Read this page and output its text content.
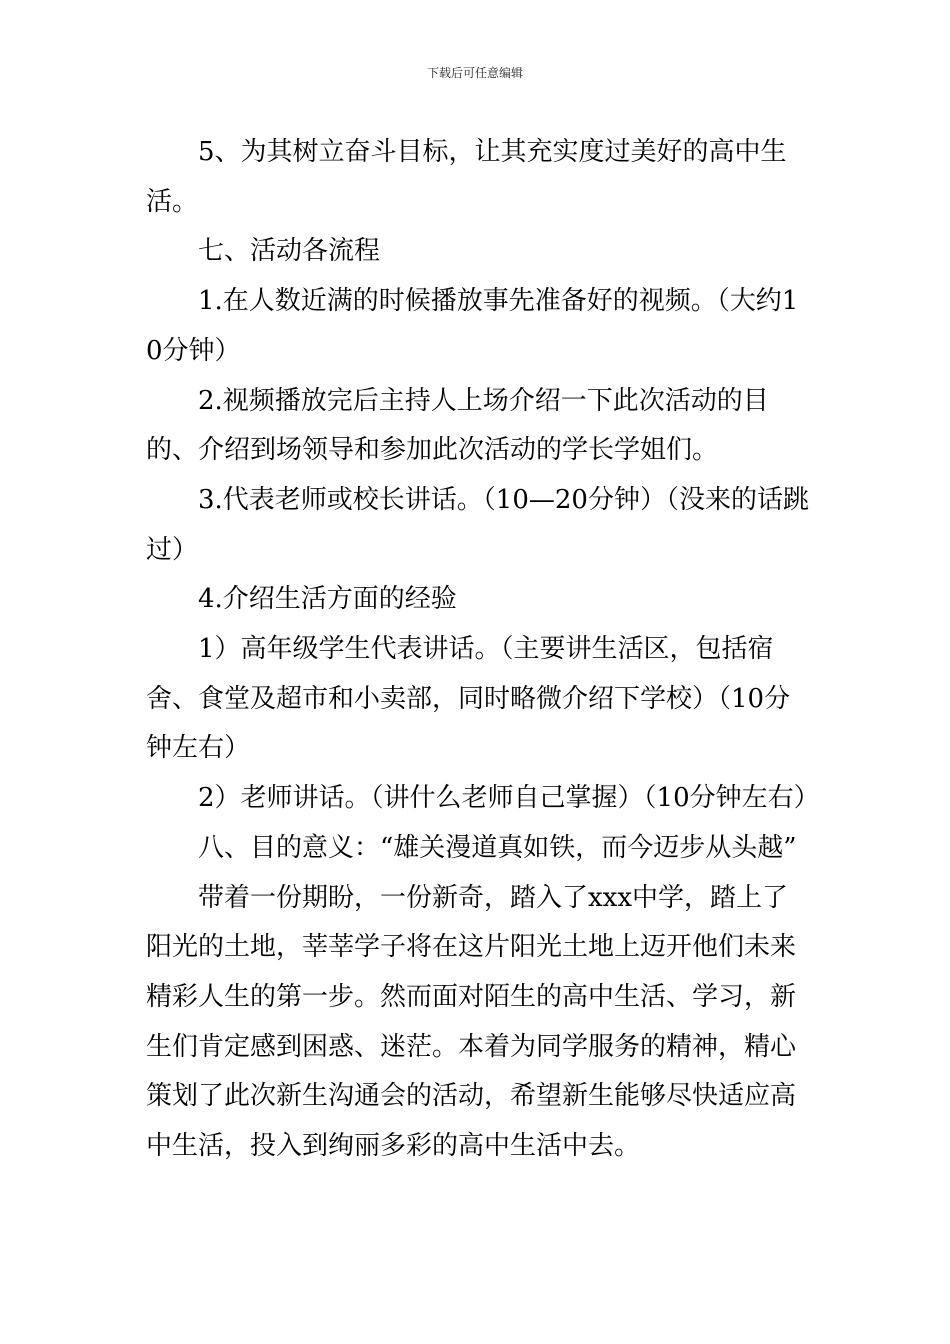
下载后可任意编辑

5、为其树立奋斗目标，让其充实度过美好的高中生活。

七、活动各流程

1.在人数近满的时候播放事先准备好的视频。（大约10分钟）

2.视频播放完后主持人上场介绍一下此次活动的目的、介绍到场领导和参加此次活动的学长学姐们。

3.代表老师或校长讲话。（10—20分钟）（没来的话跳过）

4.介绍生活方面的经验

1）高年级学生代表讲话。（主要讲生活区，包括宿舍、食堂及超市和小卖部，同时略微介绍下学校）（10分钟左右）

2）老师讲话。（讲什么老师自己掌握）（10分钟左右）

八、目的意义：“雄关漫道真如铁，而今迈步从头越”

带着一份期盼，一份新奇，踏入了xxx中学，踏上了阳光的土地，莘莘学子将在这片阳光土地上迈开他们未来精彩人生的第一步。然而面对陌生的高中生活、学习，新生们肯定感到困惑、迷茫。本着为同学服务的精神，精心策划了此次新生沟通会的活动，希望新生能够尽快适应高中生活，投入到绚丽多彩的高中生活中去。
